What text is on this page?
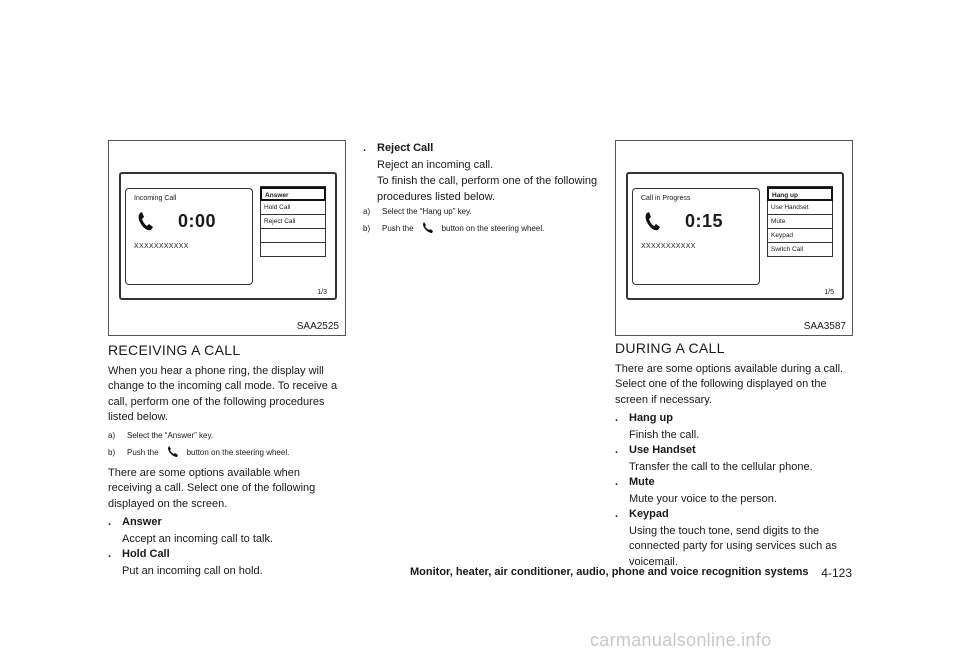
Incoming Call
0:00
XXXXXXXXXXX
Answer
Hold Call
Reject Call
1/3
SAA2525
Call in Progress
0:15
XXXXXXXXXXX
Hang up
Use Handset
Mute
Keypad
Switch Call
1/5
SAA3587
RECEIVING A CALL

When you hear a phone ring, the display will change to the incoming call mode. To receive a call, perform one of the following procedures listed below.

a)	Select the “Answer” key.
b)	Push the	button on the steering wheel.

There are some options available when receiving a call. Select one of the following displayed on the screen.

. Answer

Accept an incoming call to talk.

. Hold Call

Put an incoming call on hold.

. Reject Call

Reject an incoming call.

To finish the call, perform one of the following procedures listed below.

a)	Select the “Hang up” key.
b)	Push the	button on the steering wheel.
DURING A CALL

There are some options available during a call. Select one of the following displayed on the screen if necessary.

. Hang up

Finish the call.

. Use Handset

Transfer the call to the cellular phone.

. Mute

Mute your voice to the person.

. Keypad

Using the touch tone, send digits to the connected party for using services such as voicemail.

Monitor, heater, air conditioner, audio, phone and voice recognition systems 4-123
carmanualsonline.info
